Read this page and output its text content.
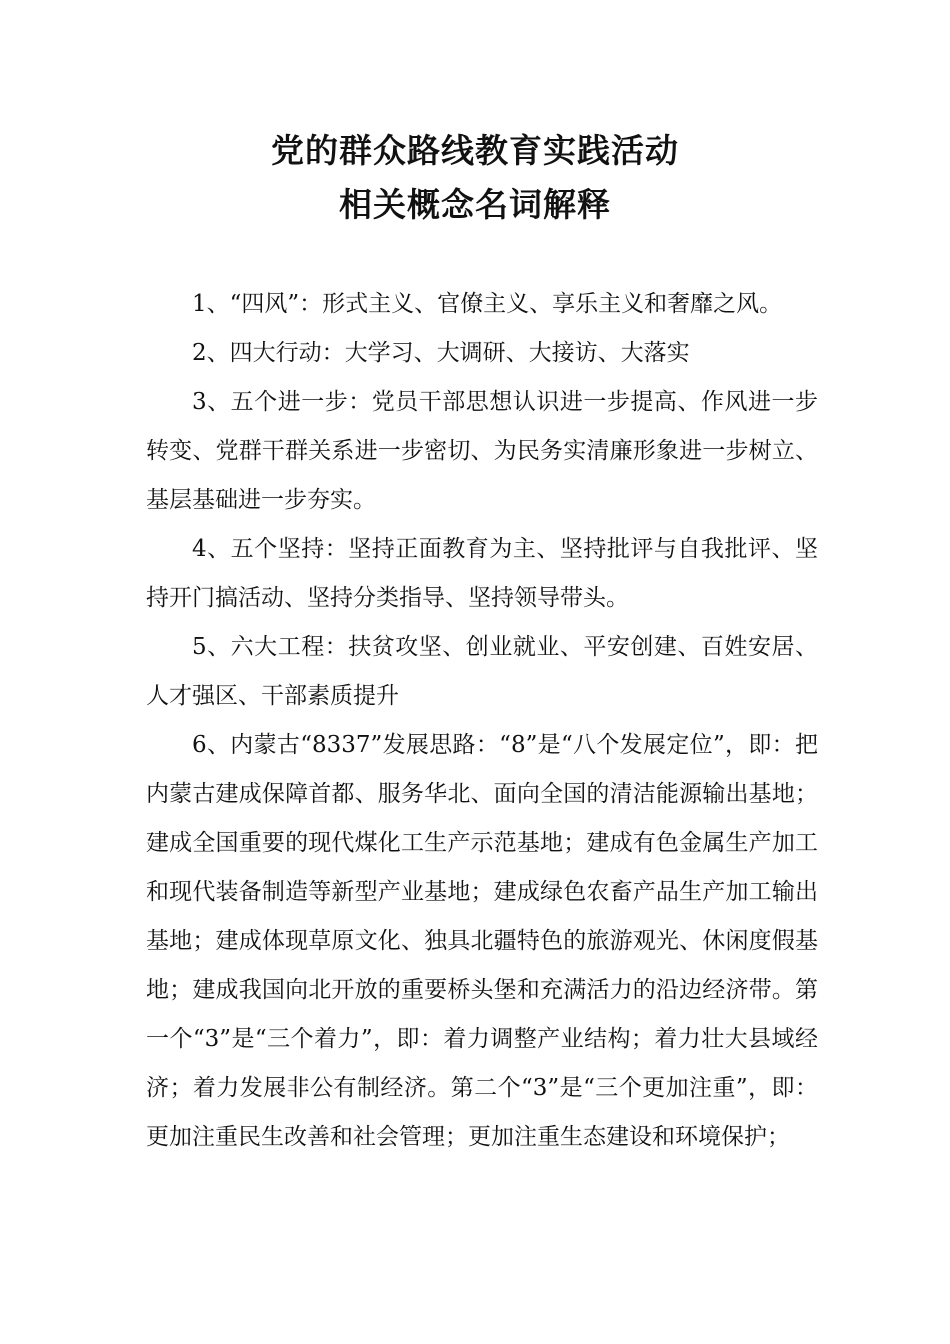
党的群众路线教育实践活动
相关概念名词解释

1、“四风”：形式主义、官僚主义、享乐主义和奢靡之风。

2、四大行动：大学习、大调研、大接访、大落实

3、五个进一步：党员干部思想认识进一步提高、作风进一步转变、党群干群关系进一步密切、为民务实清廉形象进一步树立、基层基础进一步夯实。

4、五个坚持：坚持正面教育为主、坚持批评与自我批评、坚持开门搞活动、坚持分类指导、坚持领导带头。

5、六大工程：扶贫攻坚、创业就业、平安创建、百姓安居、人才强区、干部素质提升

6、内蒙古“8337”发展思路：“8”是“八个发展定位”，即：把内蒙古建成保障首都、服务华北、面向全国的清洁能源输出基地；建成全国重要的现代煤化工生产示范基地；建成有色金属生产加工和现代装备制造等新型产业基地；建成绿色农畜产品生产加工输出基地；建成体现草原文化、独具北疆特色的旅游观光、休闲度假基地；建成我国向北开放的重要桥头堡和充满活力的沿边经济带。第一个“3”是“三个着力”，即：着力调整产业结构；着力壮大县域经济；着力发展非公有制经济。第二个“3”是“三个更加注重”，即：更加注重民生改善和社会管理；更加注重生态建设和环境保护；
